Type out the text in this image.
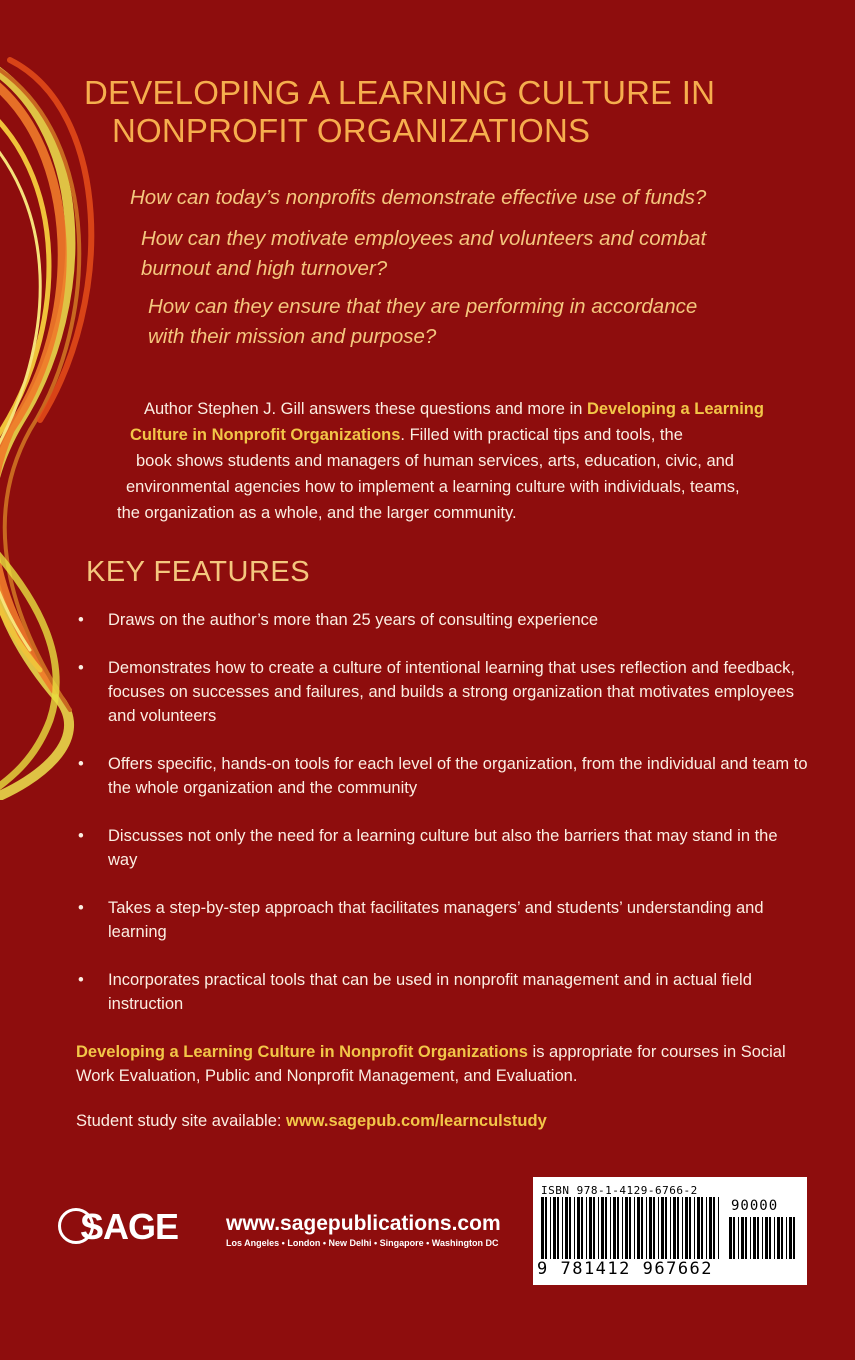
DEVELOPING A LEARNING CULTURE IN
NONPROFIT ORGANIZATIONS
How can today’s nonprofits demonstrate effective use of funds?
How can they motivate employees and volunteers and combat
burnout and high turnover?
How can they ensure that they are performing in accordance
with their mission and purpose?
Author Stephen J. Gill answers these questions and more in Developing a Learning
Culture in Nonprofit Organizations. Filled with practical tips and tools, the
book shows students and managers of human services, arts, education, civic, and
environmental agencies how to implement a learning culture with individuals, teams,
the organization as a whole, and the larger community.
KEY FEATURES
• Draws on the author’s more than 25 years of consulting experience
• Demonstrates how to create a culture of intentional learning that uses reflection and feedback, focuses on successes and failures, and builds a strong organization that motivates employees and volunteers
• Offers specific, hands-on tools for each level of the organization, from the individual and team to the whole organization and the community
• Discusses not only the need for a learning culture but also the barriers that may stand in the way
• Takes a step-by-step approach that facilitates managers’ and students’ understanding and learning
• Incorporates practical tools that can be used in nonprofit management and in actual field instruction
Developing a Learning Culture in Nonprofit Organizations is appropriate for courses in Social Work Evaluation, Public and Nonprofit Management, and Evaluation.
Student study site available: www.sagepub.com/learnculstudy
SAGE www.sagepublications.com
Los Angeles • London • New Delhi • Singapore • Washington DC
ISBN 978-1-4129-6766-2
90000
9 781412 967662
